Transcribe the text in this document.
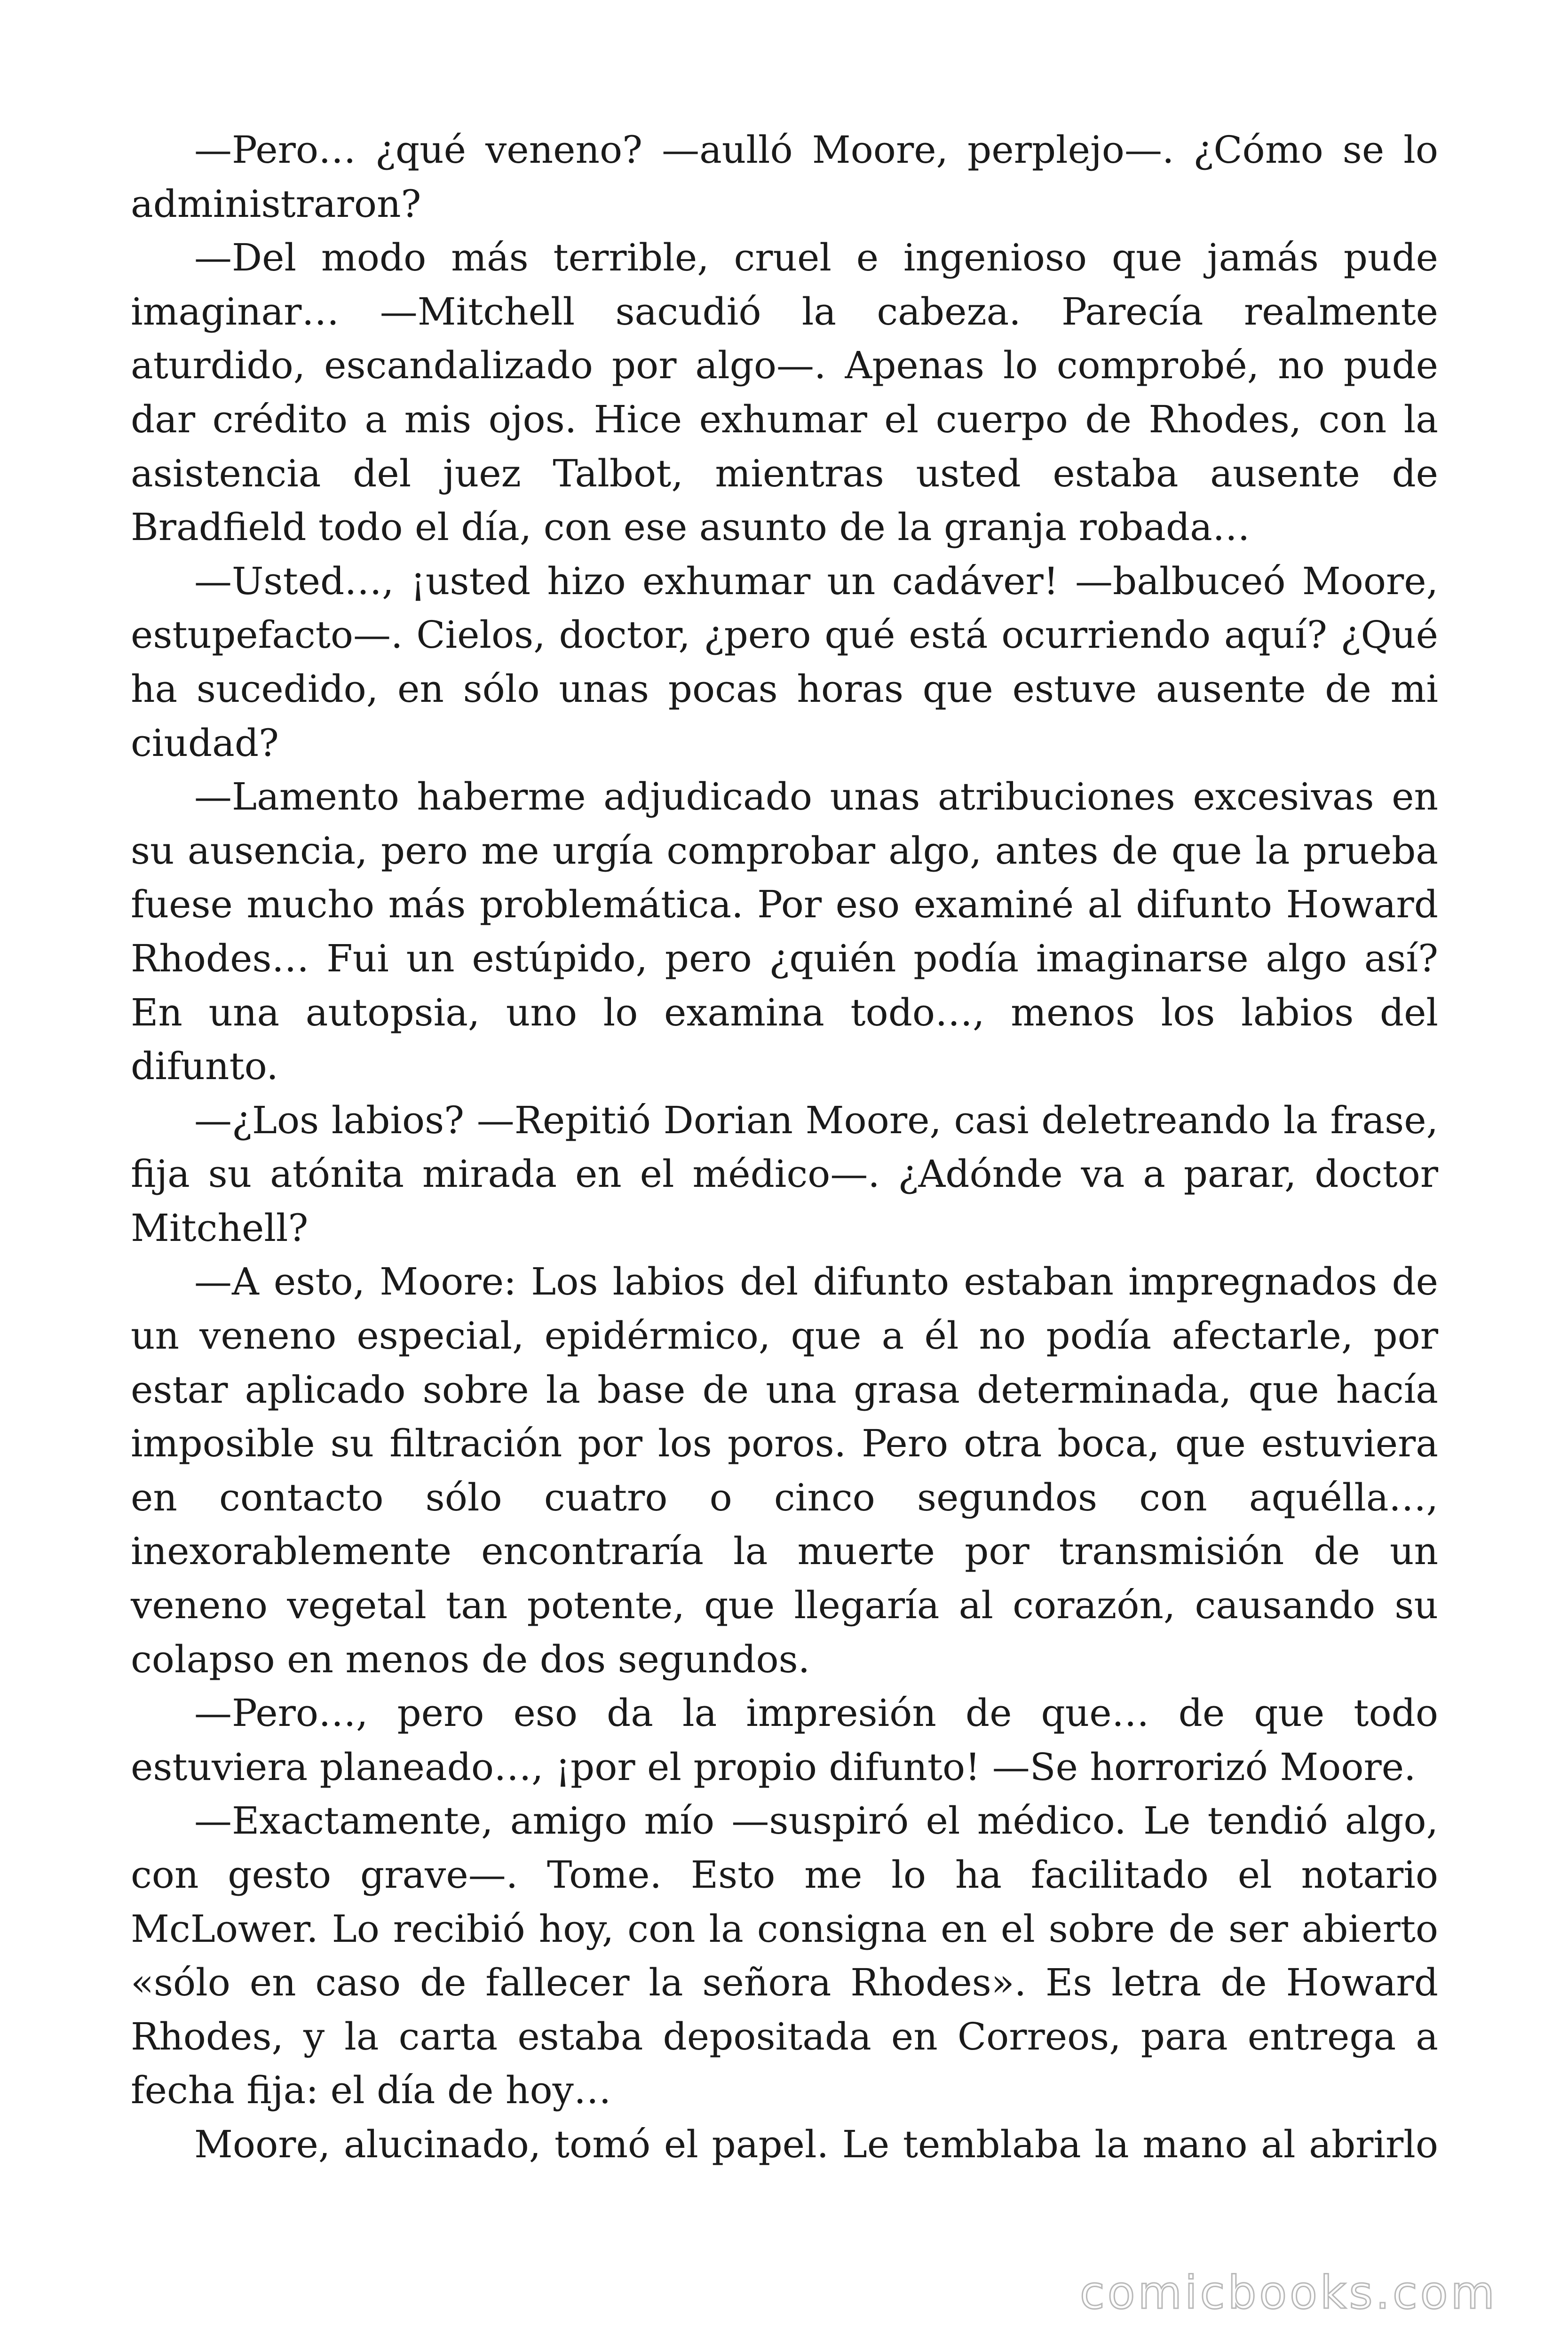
—Pero… ¿qué veneno? —aulló Moore, perplejo—. ¿Cómo se lo administraron?

—Del modo más terrible, cruel e ingenioso que jamás pude imaginar… —Mitchell sacudió la cabeza. Parecía realmente aturdido, escandalizado por algo—. Apenas lo comprobé, no pude dar crédito a mis ojos. Hice exhumar el cuerpo de Rhodes, con la asistencia del juez Talbot, mientras usted estaba ausente de Bradfield todo el día, con ese asunto de la granja robada…

—Usted…, ¡usted hizo exhumar un cadáver! —balbuceó Moore, estupefacto—. Cielos, doctor, ¿pero qué está ocurriendo aquí? ¿Qué ha sucedido, en sólo unas pocas horas que estuve ausente de mi ciudad?

—Lamento haberme adjudicado unas atribuciones excesivas en su ausencia, pero me urgía comprobar algo, antes de que la prueba fuese mucho más problemática. Por eso examiné al difunto Howard Rhodes… Fui un estúpido, pero ¿quién podía imaginarse algo así? En una autopsia, uno lo examina todo…, menos los labios del difunto.

—¿Los labios? —Repitió Dorian Moore, casi deletreando la frase, fija su atónita mirada en el médico—. ¿Adónde va a parar, doctor Mitchell?

—A esto, Moore: Los labios del difunto estaban impregnados de un veneno especial, epidérmico, que a él no podía afectarle, por estar aplicado sobre la base de una grasa determinada, que hacía imposible su filtración por los poros. Pero otra boca, que estuviera en contacto sólo cuatro o cinco segundos con aquélla…, inexorablemente encontraría la muerte por transmisión de un veneno vegetal tan potente, que llegaría al corazón, causando su colapso en menos de dos segundos.

—Pero…, pero eso da la impresión de que… de que todo estuviera planeado…, ¡por el propio difunto! —Se horrorizó Moore.

—Exactamente, amigo mío —suspiró el médico. Le tendió algo, con gesto grave—. Tome. Esto me lo ha facilitado el notario McLower. Lo recibió hoy, con la consigna en el sobre de ser abierto «sólo en caso de fallecer la señora Rhodes». Es letra de Howard Rhodes, y la carta estaba depositada en Correos, para entrega a fecha fija: el día de hoy…

Moore, alucinado, tomó el papel. Le temblaba la mano al abrirlo

comicbooks.com
